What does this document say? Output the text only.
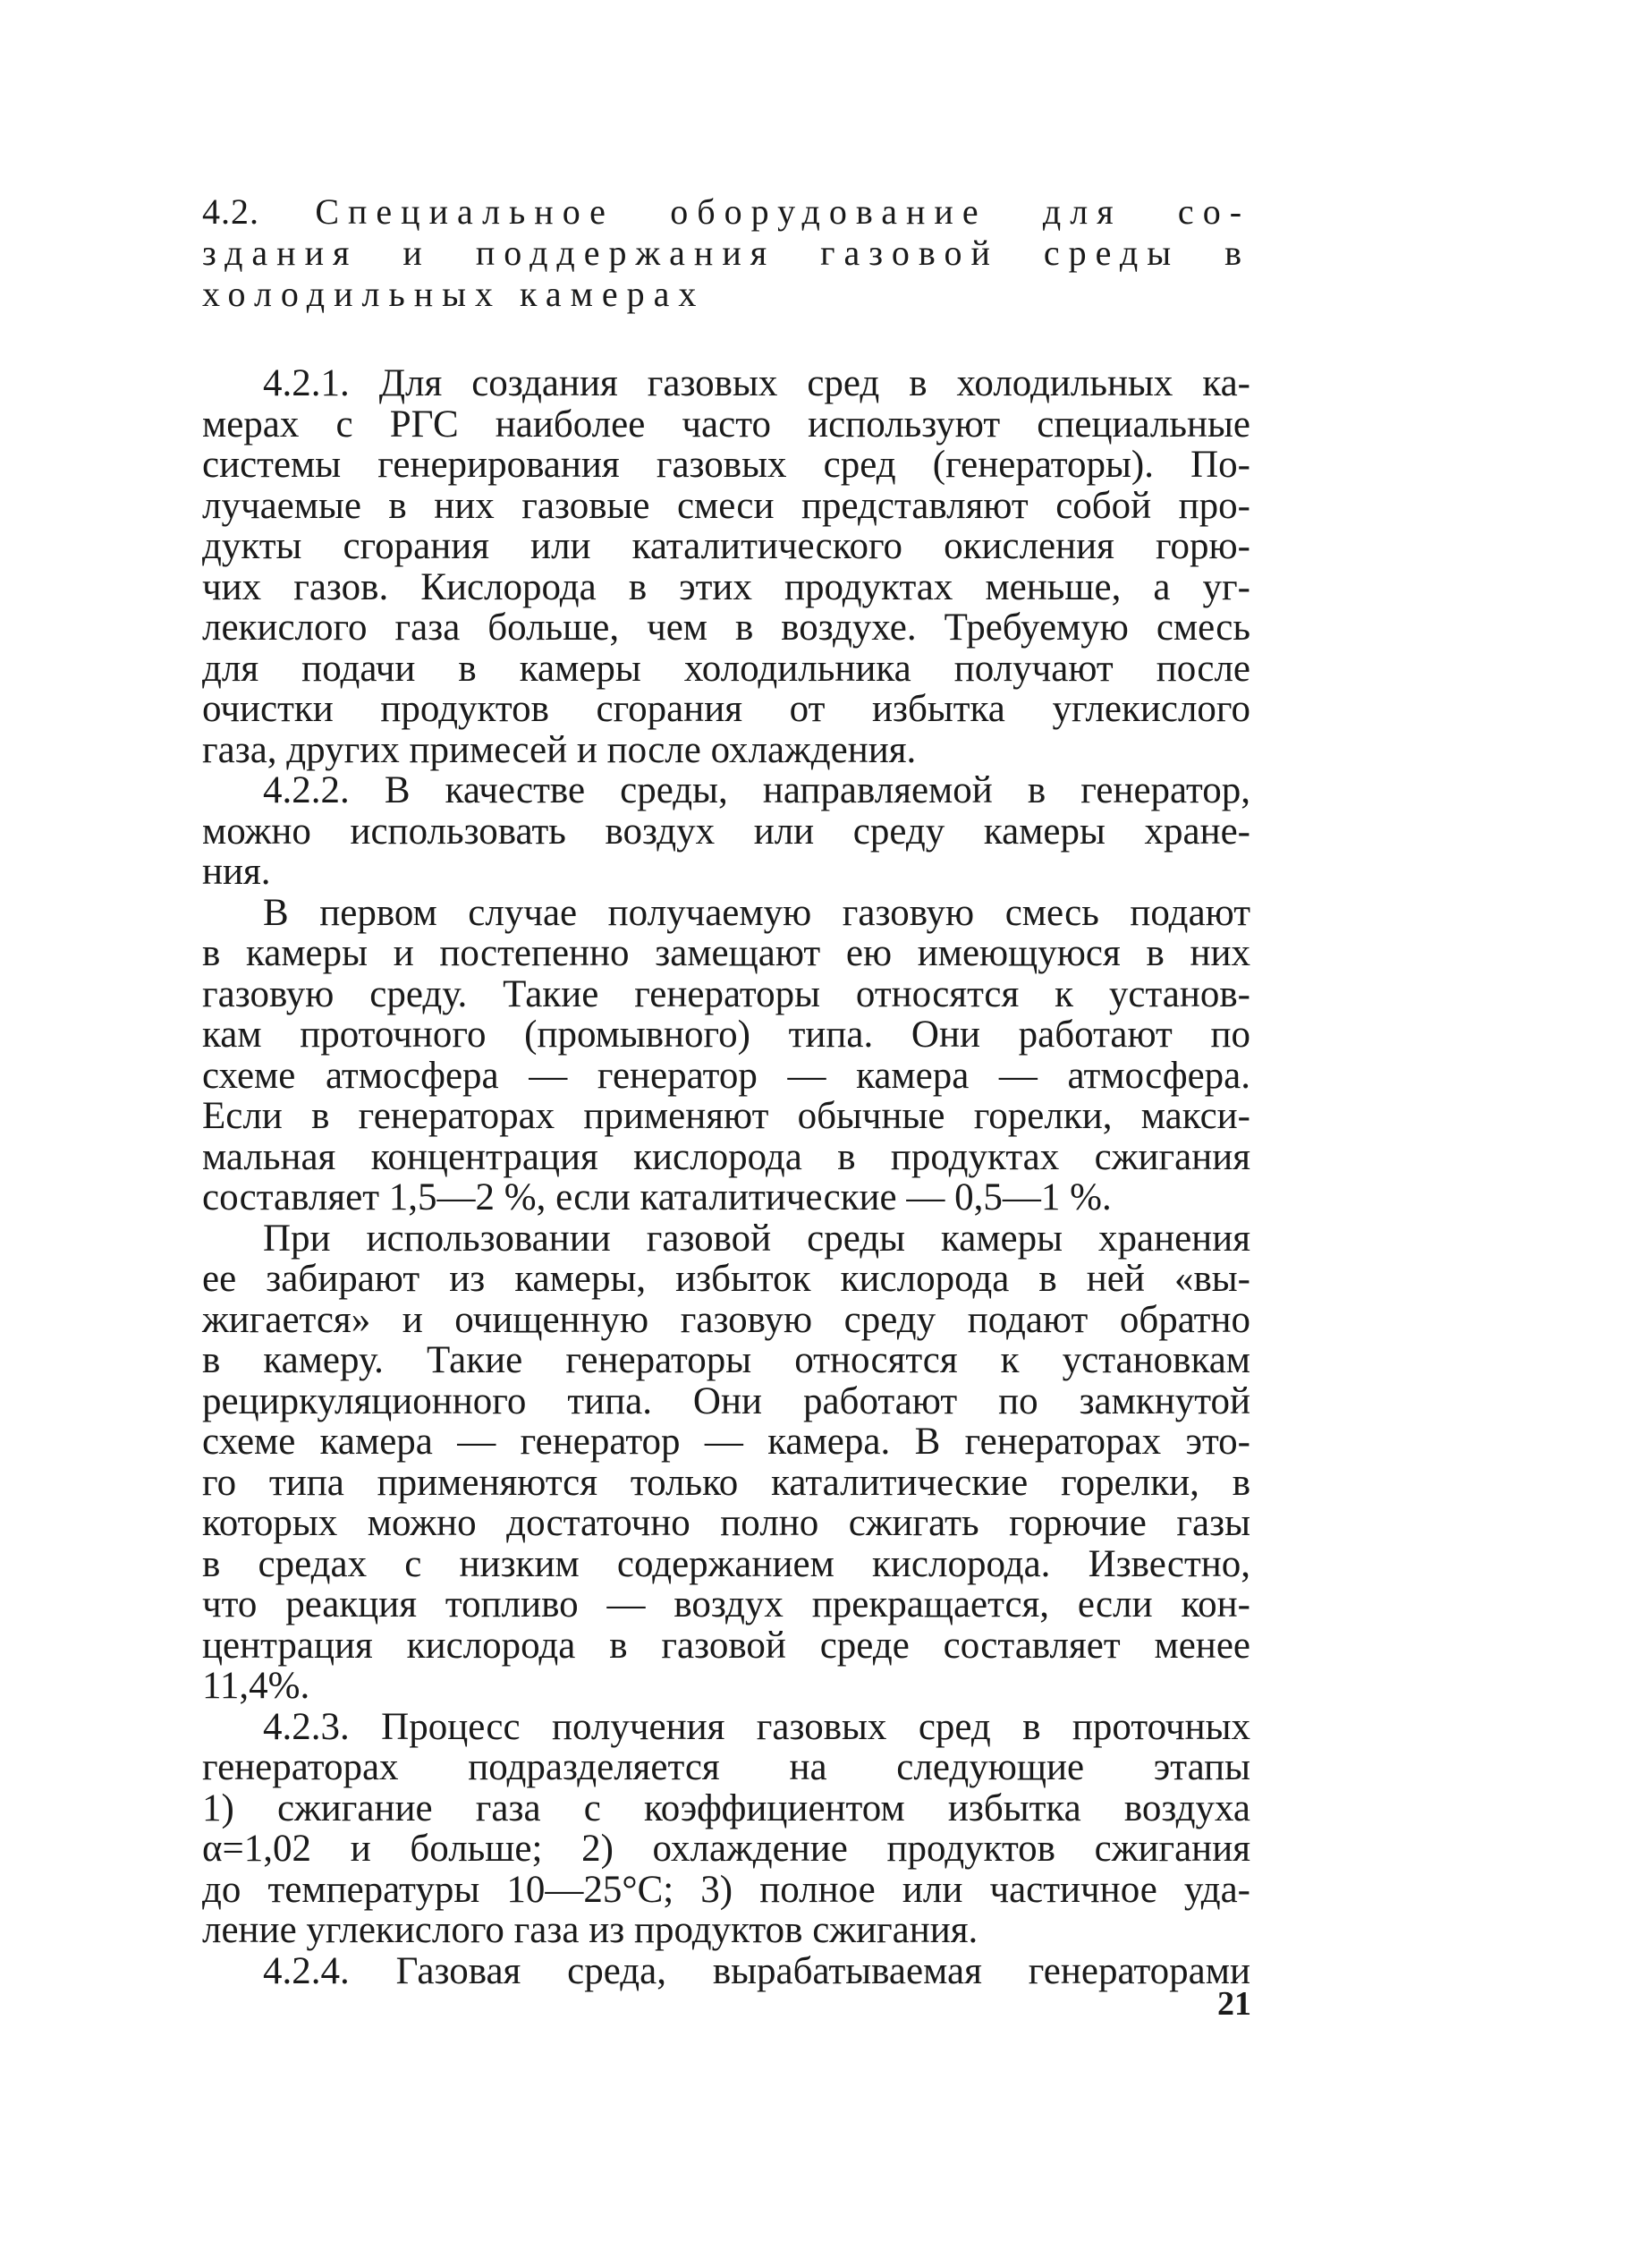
4.2. Специальное оборудование для со-
здания и поддержания газовой среды в
холодильных камерах
4.2.1. Для создания газовых сред в холодильных ка-
мерах с РГС наиболее часто используют специальные
системы генерирования газовых сред (генераторы). По-
лучаемые в них газовые смеси представляют собой про-
дукты сгорания или каталитического окисления горю-
чих газов. Кислорода в этих продуктах меньше, а уг-
лекислого газа больше, чем в воздухе. Требуемую смесь
для подачи в камеры холодильника получают после
очистки продуктов сгорания от избытка углекислого
газа, других примесей и после охлаждения.
4.2.2. В качестве среды, направляемой в генератор,
можно использовать воздух или среду камеры хране-
ния.
В первом случае получаемую газовую смесь подают
в камеры и постепенно замещают ею имеющуюся в них
газовую среду. Такие генераторы относятся к установ-
кам проточного (промывного) типа. Они работают по
схеме атмосфера — генератор — камера — атмосфера.
Если в генераторах применяют обычные горелки, макси-
мальная концентрация кислорода в продуктах сжигания
составляет 1,5—2 %, если каталитические — 0,5—1 %.
При использовании газовой среды камеры хранения
ее забирают из камеры, избыток кислорода в ней «вы-
жигается» и очищенную газовую среду подают обратно
в камеру. Такие генераторы относятся к установкам
рециркуляционного типа. Они работают по замкнутой
схеме камера — генератор — камера. В генераторах это-
го типа применяются только каталитические горелки, в
которых можно достаточно полно сжигать горючие газы
в средах с низким содержанием кислорода. Известно,
что реакция топливо — воздух прекращается, если кон-
центрация кислорода в газовой среде составляет менее
11,4%.
4.2.3. Процесс получения газовых сред в проточных
генераторах подразделяется на следующие этапы
1) сжигание газа с коэффициентом избытка воздуха
α=1,02 и больше; 2) охлаждение продуктов сжигания
до температуры 10—25°C; 3) полное или частичное уда-
ление углекислого газа из продуктов сжигания.
4.2.4. Газовая среда, вырабатываемая генераторами
21
